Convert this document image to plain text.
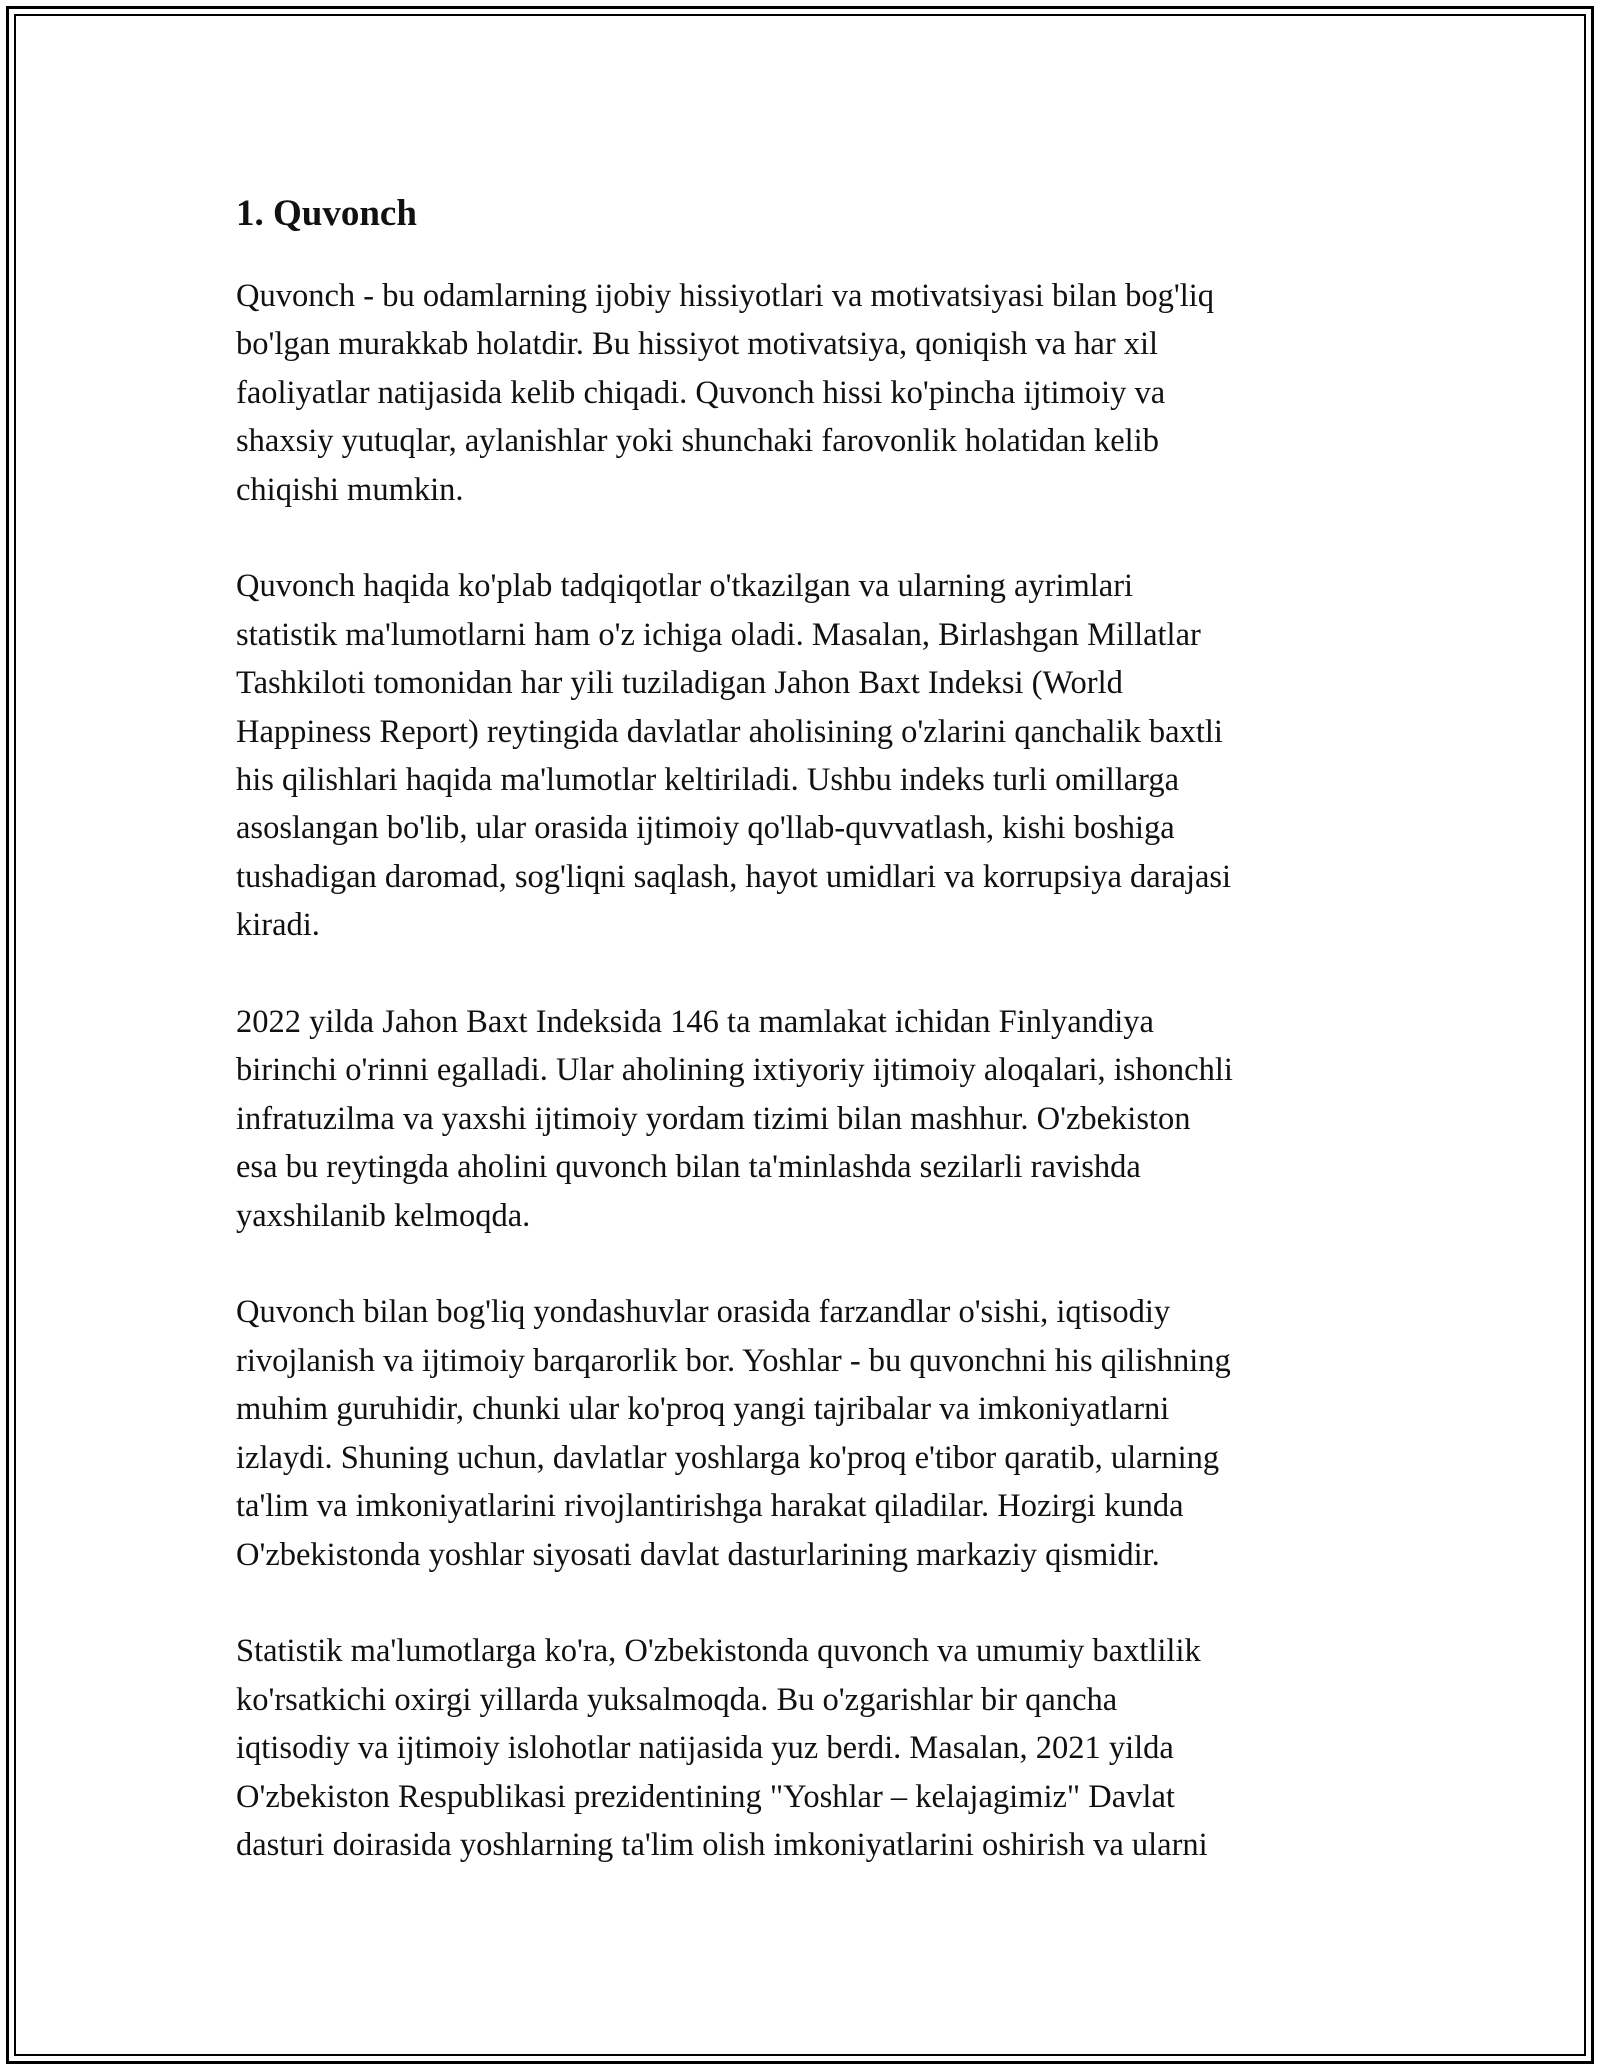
1. Quvonch

Quvonch - bu odamlarning ijobiy hissiyotlari va motivatsiyasi bilan bog'liq
bo'lgan murakkab holatdir. Bu hissiyot motivatsiya, qoniqish va har xil
faoliyatlar natijasida kelib chiqadi. Quvonch hissi ko'pincha ijtimoiy va
shaxsiy yutuqlar, aylanishlar yoki shunchaki farovonlik holatidan kelib
chiqishi mumkin.

Quvonch haqida ko'plab tadqiqotlar o'tkazilgan va ularning ayrimlari
statistik ma'lumotlarni ham o'z ichiga oladi. Masalan, Birlashgan Millatlar
Tashkiloti tomonidan har yili tuziladigan Jahon Baxt Indeksi (World
Happiness Report) reytingida davlatlar aholisining o'zlarini qanchalik baxtli
his qilishlari haqida ma'lumotlar keltiriladi. Ushbu indeks turli omillarga
asoslangan bo'lib, ular orasida ijtimoiy qo'llab-quvvatlash, kishi boshiga
tushadigan daromad, sog'liqni saqlash, hayot umidlari va korrupsiya darajasi
kiradi.

2022 yilda Jahon Baxt Indeksida 146 ta mamlakat ichidan Finlyandiya
birinchi o'rinni egalladi. Ular aholining ixtiyoriy ijtimoiy aloqalari, ishonchli
infratuzilma va yaxshi ijtimoiy yordam tizimi bilan mashhur. O'zbekiston
esa bu reytingda aholini quvonch bilan ta'minlashda sezilarli ravishda
yaxshilanib kelmoqda.

Quvonch bilan bog'liq yondashuvlar orasida farzandlar o'sishi, iqtisodiy
rivojlanish va ijtimoiy barqarorlik bor. Yoshlar - bu quvonchni his qilishning
muhim guruhidir, chunki ular ko'proq yangi tajribalar va imkoniyatlarni
izlaydi. Shuning uchun, davlatlar yoshlarga ko'proq e'tibor qaratib, ularning
ta'lim va imkoniyatlarini rivojlantirishga harakat qiladilar. Hozirgi kunda
O'zbekistonda yoshlar siyosati davlat dasturlarining markaziy qismidir.

Statistik ma'lumotlarga ko'ra, O'zbekistonda quvonch va umumiy baxtlilik
ko'rsatkichi oxirgi yillarda yuksalmoqda. Bu o'zgarishlar bir qancha
iqtisodiy va ijtimoiy islohotlar natijasida yuz berdi. Masalan, 2021 yilda
O'zbekiston Respublikasi prezidentining "Yoshlar – kelajagimiz" Davlat
dasturi doirasida yoshlarning ta'lim olish imkoniyatlarini oshirish va ularni
